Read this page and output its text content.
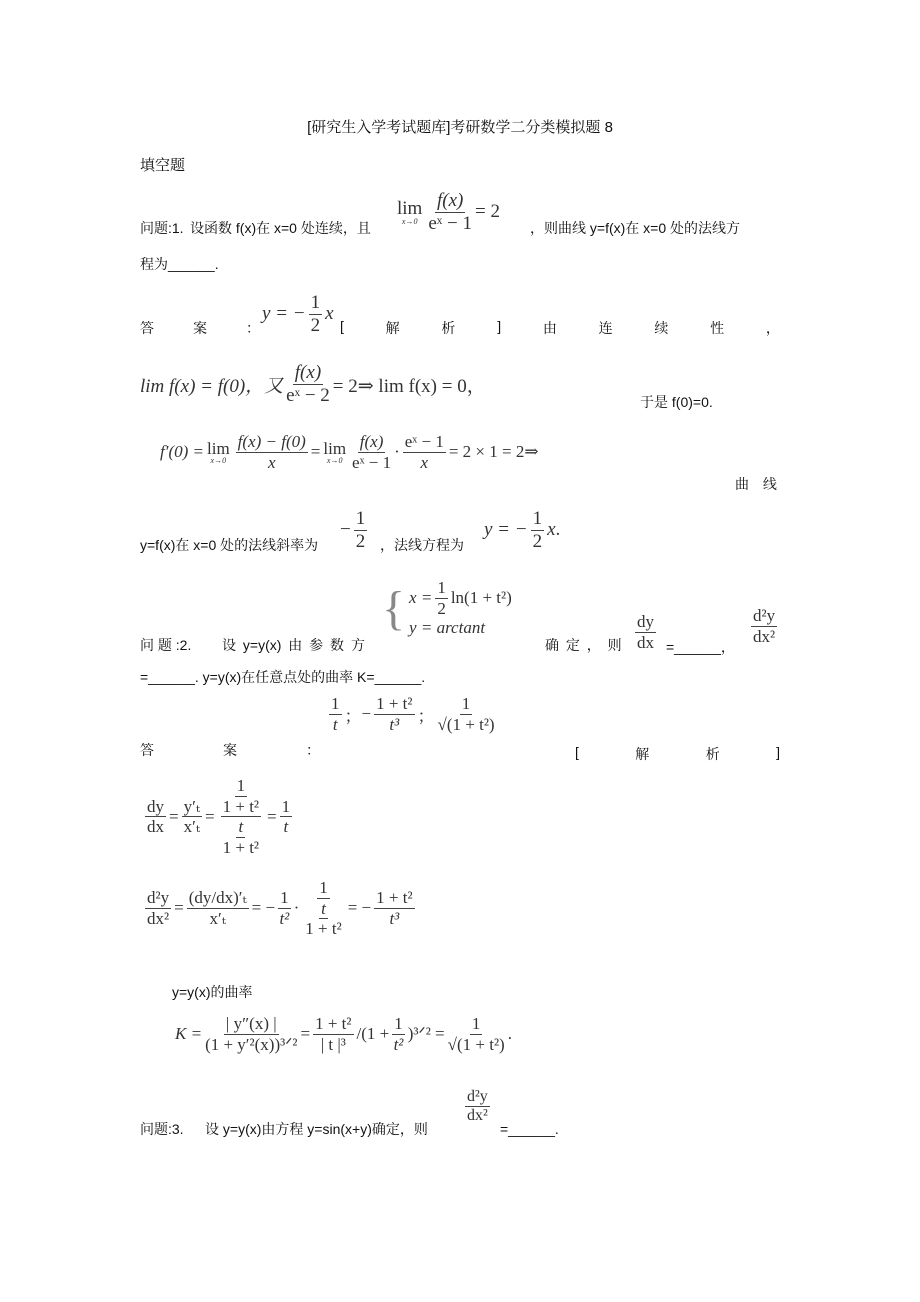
[研究生入学考试题库]考研数学二分类模拟题 8
填空题
问题:1. 设函数 f(x)在 x=0 处连续，且
lim
$x\to 0 \frac{f(x)}{\text{eˣ − 1}} = 2$
，则曲线 y=f(x)在 x=0 处的法线方
程为______.
答	案	：
y = − $\frac{1}{2}$ x
[	解	析	]	由	连	续	性	，
lim f(x) = f(0)，又 $\frac{f(x)}{\text{eˣ − 2}}$ = 2⇒ lim f(x) = 0，
于是 f(0)=0.
f′(0) = lim
$x\to 0 \frac{f(x) - f(0)}{x} = \lim$
x→0
f(x)
eˣ − 1
· $\frac{\text{eˣ − 1}}{x} = 2 \times 1$ = 2⇒
曲 线
y=f(x)在 x=0 处的法线斜率为
− $\frac{1}{2}$ ，法线方程为
y = − $\frac{1}{2}$ x .
问 题 :2. 设 y=y(x) 由 参 数 方
{ $x = \frac{1}{2} \ln(1 + t^2)$
y = arctant
确 定 ， 则
dy
dx =______，
d²y
dx²
=______. y=y(x)在任意点处的曲率 K=______.
答	案	：
1
t ； − $\frac{\text{1 + t²}}{\text{t³}}$ ；
1
√(1 + t²)
[	解	析	]
dy
dx
=
y′ₜ
x′ₜ
=
1
1 + t²
t
1 + t²
=
1
t
d²y
dx²
=
(dy/dx)′ₜ
x′ₜ
= −
1
t²
·
1
t
1 + t²
= −
1 + t²
t³
y=y(x)的曲率
K =
| y″(x) |
(1 + y′²(x))³ᐟ²
=
1 + t²
| t |³
$/(1 + \frac{1}{\text{t²}}$ )³ᐟ² = $\frac{1}{\text{√(1 + t²)}}$ .
问题:3. 设 y=y(x)由方程 y=sin(x+y)确定，则
d²y
dx²
=______.
